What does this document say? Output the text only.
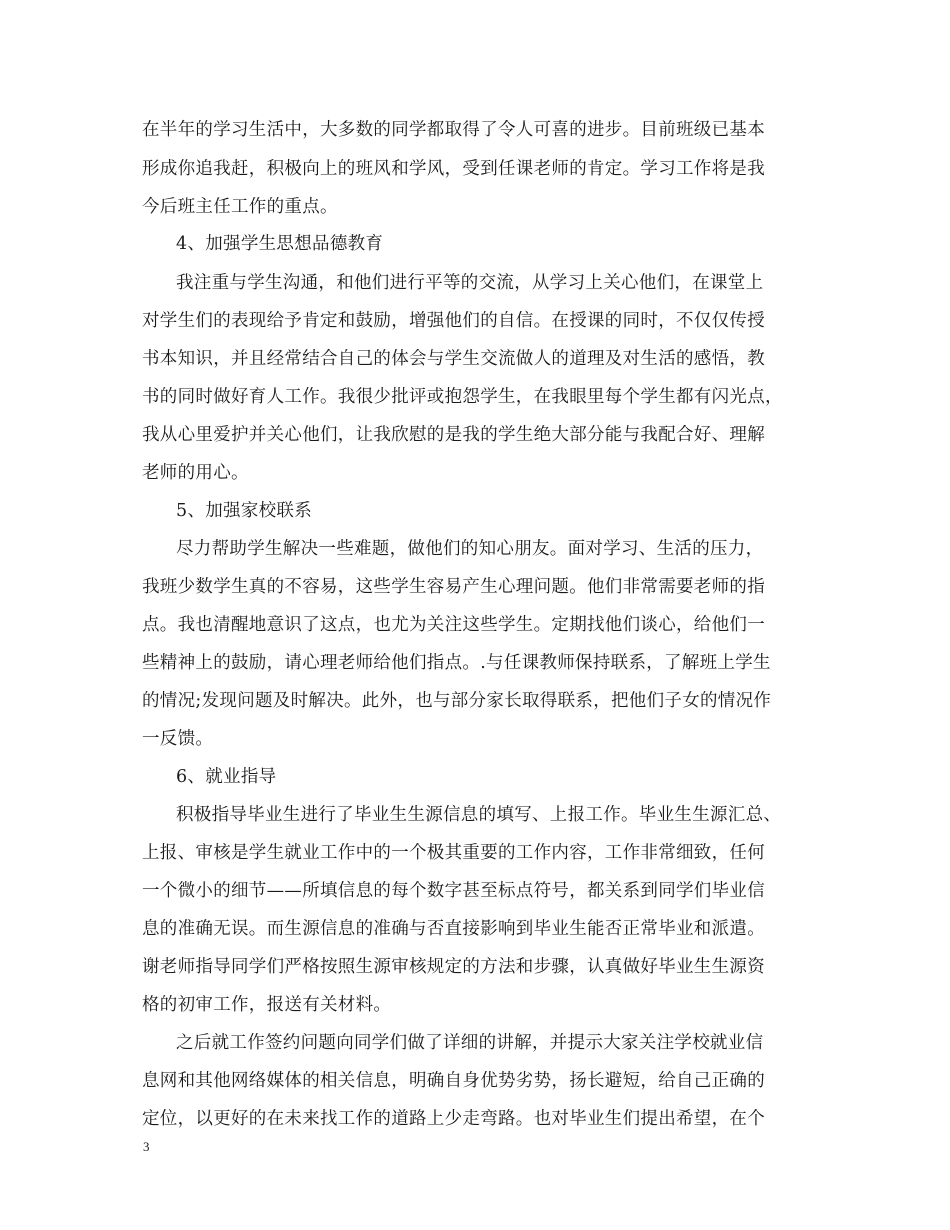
在半年的学习生活中，大多数的同学都取得了令人可喜的进步。目前班级已基本
形成你追我赶，积极向上的班风和学风，受到任课老师的肯定。学习工作将是我
今后班主任工作的重点。
4、加强学生思想品德教育
我注重与学生沟通，和他们进行平等的交流，从学习上关心他们，在课堂上
对学生们的表现给予肯定和鼓励，增强他们的自信。在授课的同时，不仅仅传授
书本知识，并且经常结合自己的体会与学生交流做人的道理及对生活的感悟，教
书的同时做好育人工作。我很少批评或抱怨学生，在我眼里每个学生都有闪光点，
我从心里爱护并关心他们，让我欣慰的是我的学生绝大部分能与我配合好、理解
老师的用心。
5、加强家校联系
尽力帮助学生解决一些难题，做他们的知心朋友。面对学习、生活的压力，
我班少数学生真的不容易，这些学生容易产生心理问题。他们非常需要老师的指
点。我也清醒地意识了这点，也尤为关注这些学生。定期找他们谈心，给他们一
些精神上的鼓励，请心理老师给他们指点。.与任课教师保持联系，了解班上学生
的情况;发现问题及时解决。此外，也与部分家长取得联系，把他们子女的情况作
一反馈。
6、就业指导
积极指导毕业生进行了毕业生生源信息的填写、上报工作。毕业生生源汇总、
上报、审核是学生就业工作中的一个极其重要的工作内容，工作非常细致，任何
一个微小的细节——所填信息的每个数字甚至标点符号，都关系到同学们毕业信
息的准确无误。而生源信息的准确与否直接影响到毕业生能否正常毕业和派遣。
谢老师指导同学们严格按照生源审核规定的方法和步骤，认真做好毕业生生源资
格的初审工作，报送有关材料。
之后就工作签约问题向同学们做了详细的讲解，并提示大家关注学校就业信
息网和其他网络媒体的相关信息，明确自身优势劣势，扬长避短，给自己正确的
定位，以更好的在未来找工作的道路上少走弯路。也对毕业生们提出希望，在个
3
